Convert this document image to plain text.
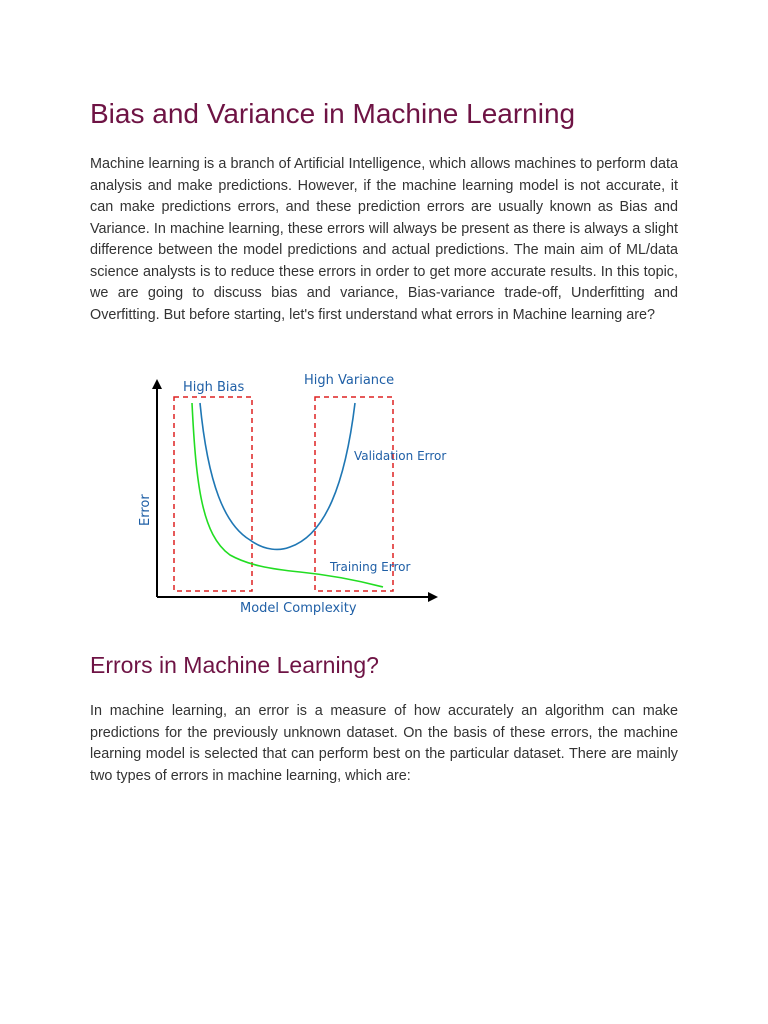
Bias and Variance in Machine Learning

Machine learning is a branch of Artificial Intelligence, which allows machines to perform data analysis and make predictions. However, if the machine learning model is not accurate, it can make predictions errors, and these prediction errors are usually known as Bias and Variance. In machine learning, these errors will always be present as there is always a slight difference between the model predictions and actual predictions. The main aim of ML/data science analysts is to reduce these errors in order to get more accurate results. In this topic, we are going to discuss bias and variance, Bias-variance trade-off, Underfitting and Overfitting. But before starting, let's first understand what errors in Machine learning are?

Errors in Machine Learning?

In machine learning, an error is a measure of how accurately an algorithm can make predictions for the previously unknown dataset. On the basis of these errors, the machine learning model is selected that can perform best on the particular dataset. There are mainly two types of errors in machine learning, which are:

High Bias	High Variance
Validation Error
Training Error
Model Complexity
Error
